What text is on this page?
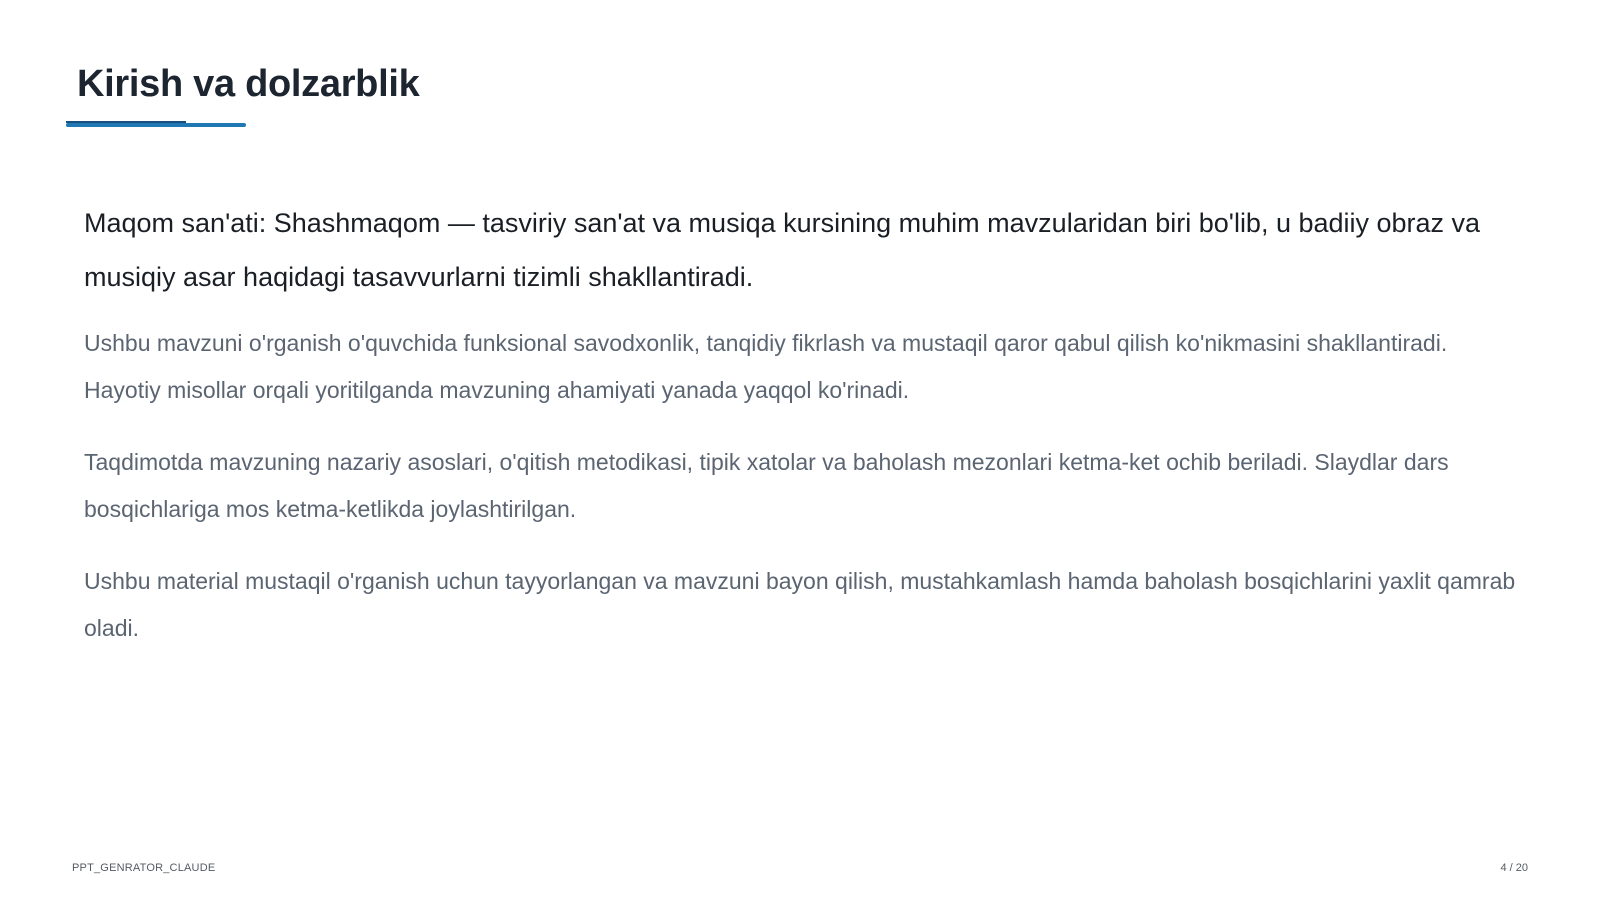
Kirish va dolzarblik

Maqom san'ati: Shashmaqom — tasviriy san'at va musiqa kursining muhim mavzularidan biri bo'lib, u badiiy obraz va musiqiy asar haqidagi tasavvurlarni tizimli shakllantiradi.

Ushbu mavzuni o'rganish o'quvchida funksional savodxonlik, tanqidiy fikrlash va mustaqil qaror qabul qilish ko'nikmasini shakllantiradi. Hayotiy misollar orqali yoritilganda mavzuning ahamiyati yanada yaqqol ko'rinadi.

Taqdimotda mavzuning nazariy asoslari, o'qitish metodikasi, tipik xatolar va baholash mezonlari ketma-ket ochib beriladi. Slaydlar dars bosqichlariga mos ketma-ketlikda joylashtirilgan.

Ushbu material mustaqil o'rganish uchun tayyorlangan va mavzuni bayon qilish, mustahkamlash hamda baholash bosqichlarini yaxlit qamrab oladi.

PPT_GENRATOR_CLAUDE	4 / 20
